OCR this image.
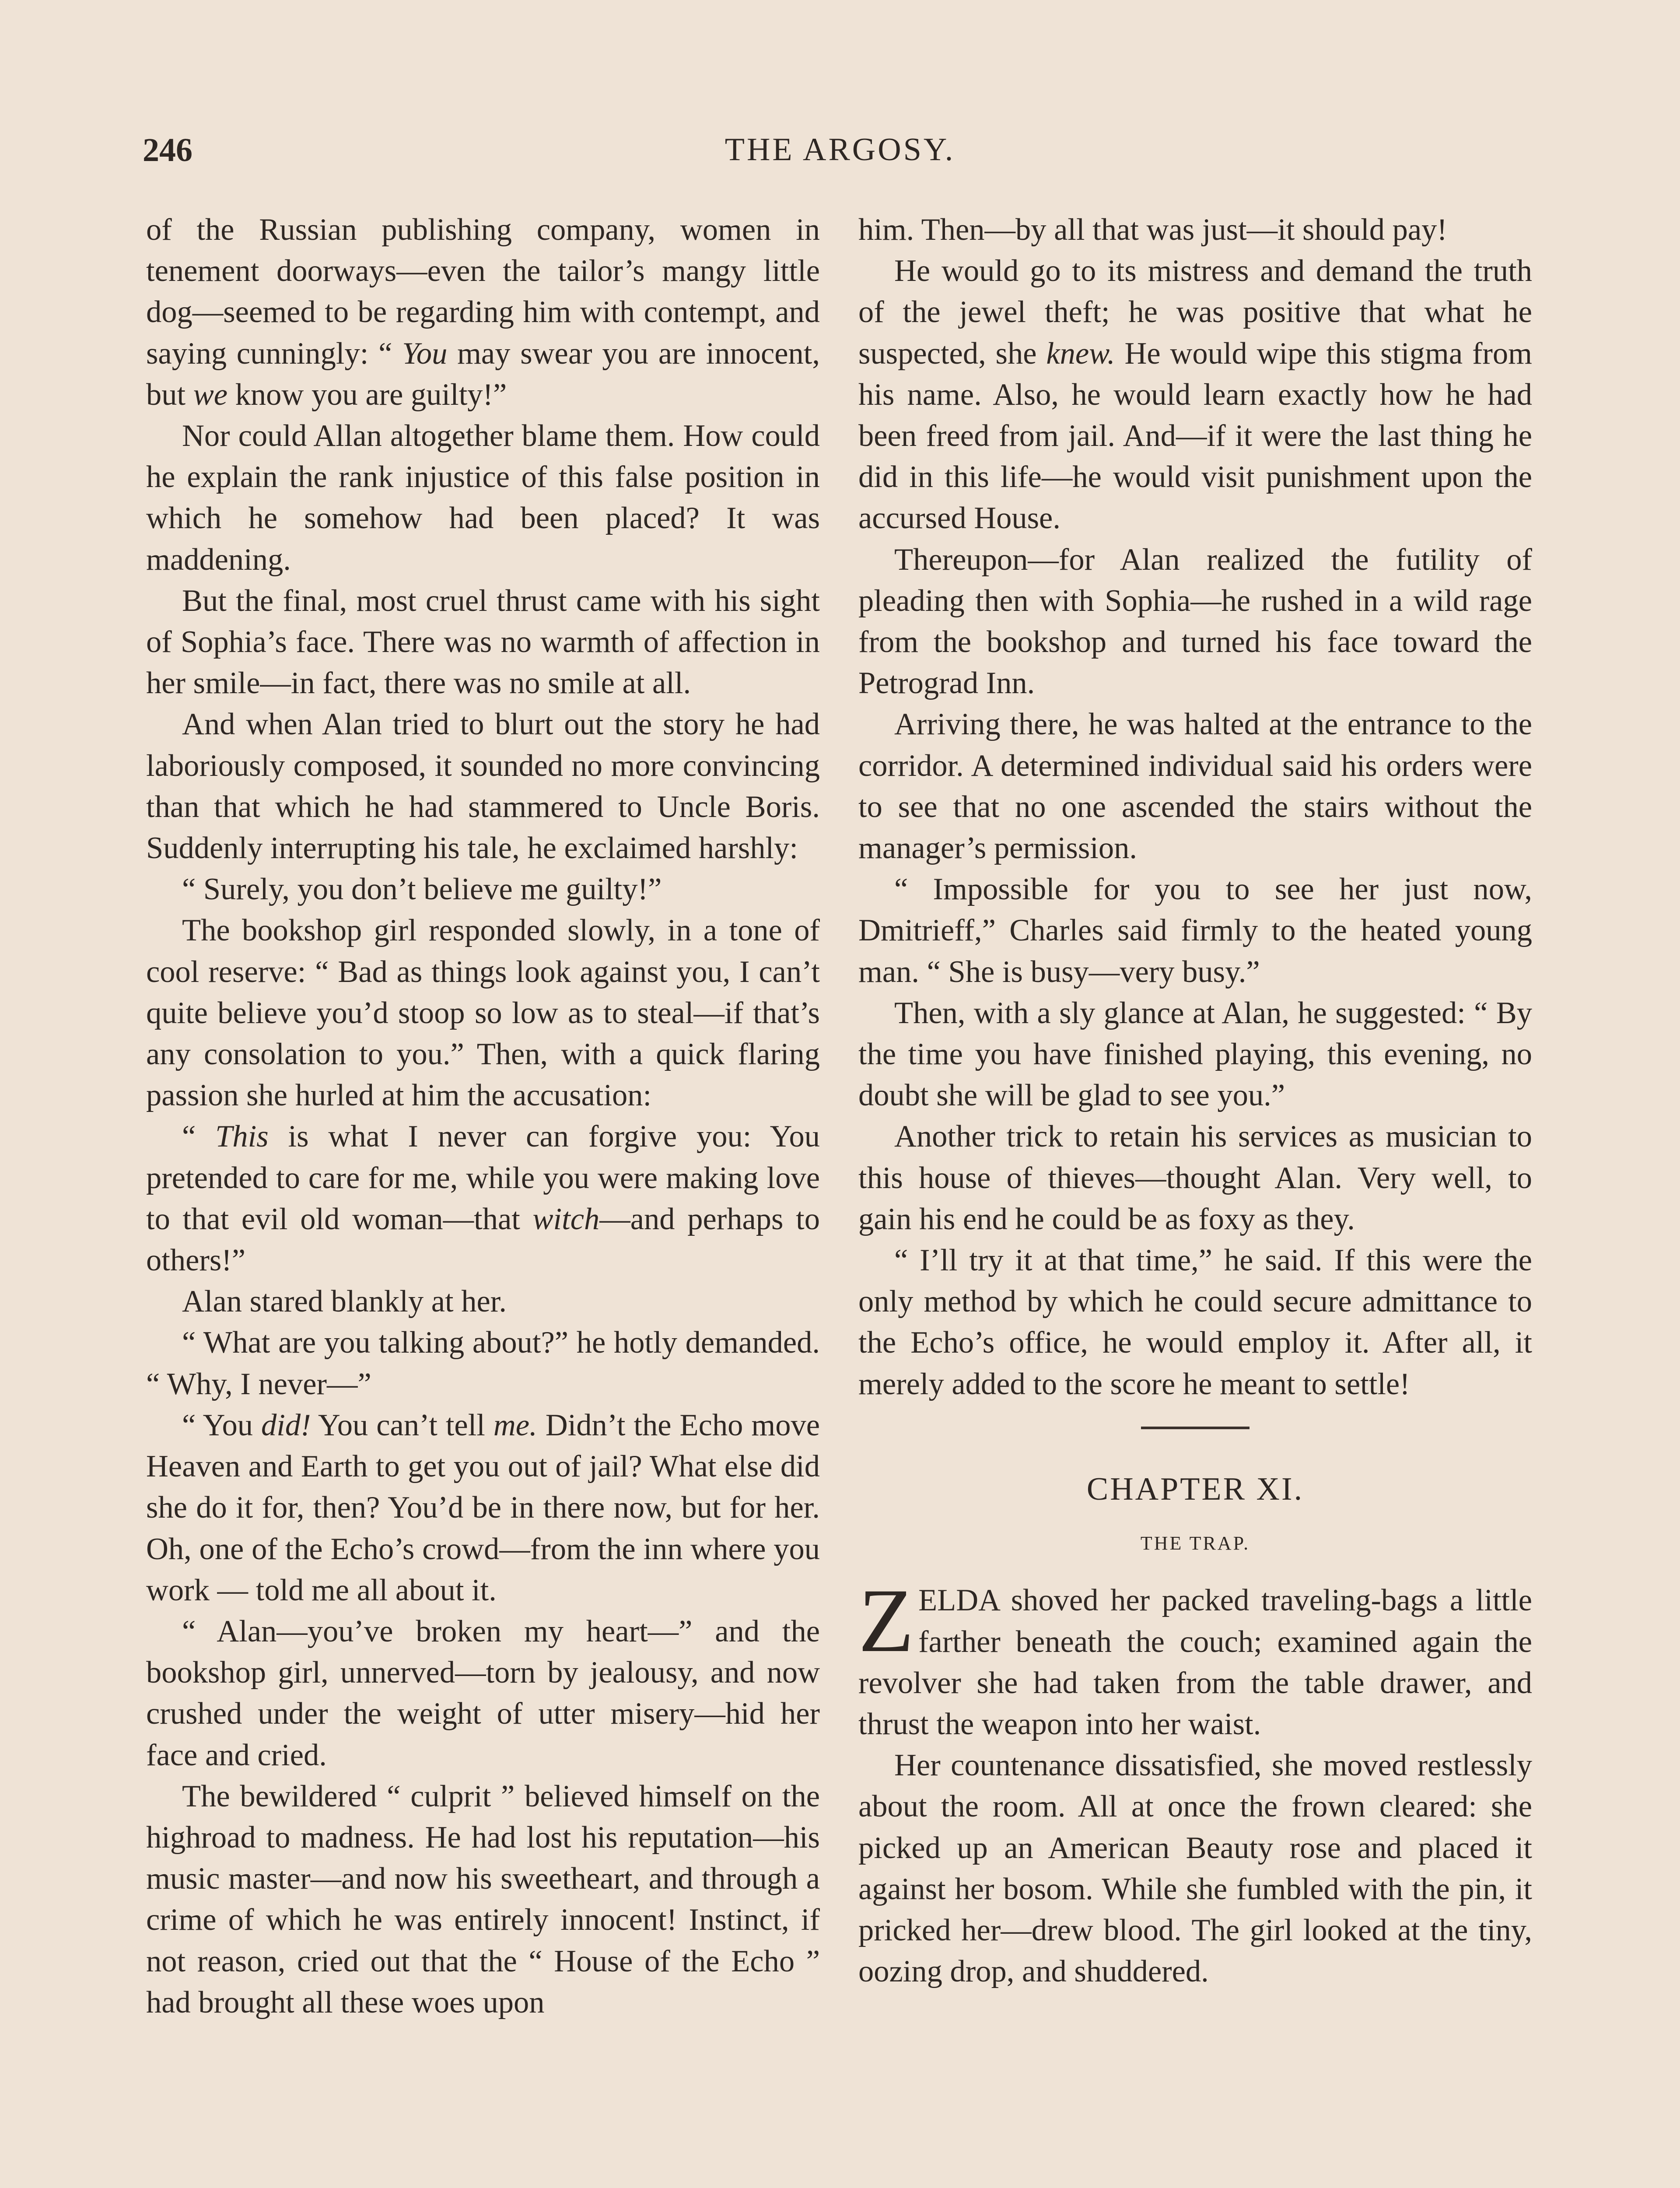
246	THE ARGOSY.

of the Russian publishing company, women in tenement doorways—even the tailor’s mangy little dog—seemed to be regarding him with contempt, and saying cunningly: “ You may swear you are innocent, but we know you are guilty!”

Nor could Allan altogether blame them. How could he explain the rank injustice of this false position in which he somehow had been placed? It was maddening.

But the final, most cruel thrust came with his sight of Sophia’s face. There was no warmth of affection in her smile—in fact, there was no smile at all.

And when Alan tried to blurt out the story he had laboriously composed, it sounded no more convincing than that which he had stammered to Uncle Boris. Suddenly interrupting his tale, he exclaimed harshly:

“ Surely, you don’t believe me guilty!”

The bookshop girl responded slowly, in a tone of cool reserve: “ Bad as things look against you, I can’t quite believe you’d stoop so low as to steal—if that’s any consolation to you.” Then, with a quick flaring passion she hurled at him the accusation:

“ This is what I never can forgive you: You pretended to care for me, while you were making love to that evil old woman—that witch—and perhaps to others!”

Alan stared blankly at her.

“ What are you talking about?” he hotly demanded. “ Why, I never—”

“ You did! You can’t tell me. Didn’t the Echo move Heaven and Earth to get you out of jail? What else did she do it for, then? You’d be in there now, but for her. Oh, one of the Echo’s crowd—from the inn where you work — told me all about it.

“ Alan—you’ve broken my heart—” and the bookshop girl, unnerved—torn by jealousy, and now crushed under the weight of utter misery—hid her face and cried.

The bewildered “ culprit ” believed himself on the highroad to madness. He had lost his reputation—his music master—and now his sweetheart, and through a crime of which he was entirely innocent! Instinct, if not reason, cried out that the “ House of the Echo ” had brought all these woes upon

him. Then—by all that was just—it should pay!

He would go to its mistress and demand the truth of the jewel theft; he was positive that what he suspected, she knew. He would wipe this stigma from his name. Also, he would learn exactly how he had been freed from jail. And—if it were the last thing he did in this life—he would visit punishment upon the accursed House.

Thereupon—for Alan realized the futility of pleading then with Sophia—he rushed in a wild rage from the bookshop and turned his face toward the Petrograd Inn.

Arriving there, he was halted at the entrance to the corridor. A determined individual said his orders were to see that no one ascended the stairs without the manager’s permission.

“ Impossible for you to see her just now, Dmitrieff,” Charles said firmly to the heated young man. “ She is busy—very busy.”

Then, with a sly glance at Alan, he suggested: “ By the time you have finished playing, this evening, no doubt she will be glad to see you.”

Another trick to retain his services as musician to this house of thieves—thought Alan. Very well, to gain his end he could be as foxy as they.

“ I’ll try it at that time,” he said. If this were the only method by which he could secure admittance to the Echo’s office, he would employ it. After all, it merely added to the score he meant to settle!

CHAPTER XI.
THE TRAP.

ZELDA shoved her packed traveling-bags a little farther beneath the couch; examined again the revolver she had taken from the table drawer, and thrust the weapon into her waist.

Her countenance dissatisfied, she moved restlessly about the room. All at once the frown cleared: she picked up an American Beauty rose and placed it against her bosom. While she fumbled with the pin, it pricked her—drew blood. The girl looked at the tiny, oozing drop, and shuddered.
